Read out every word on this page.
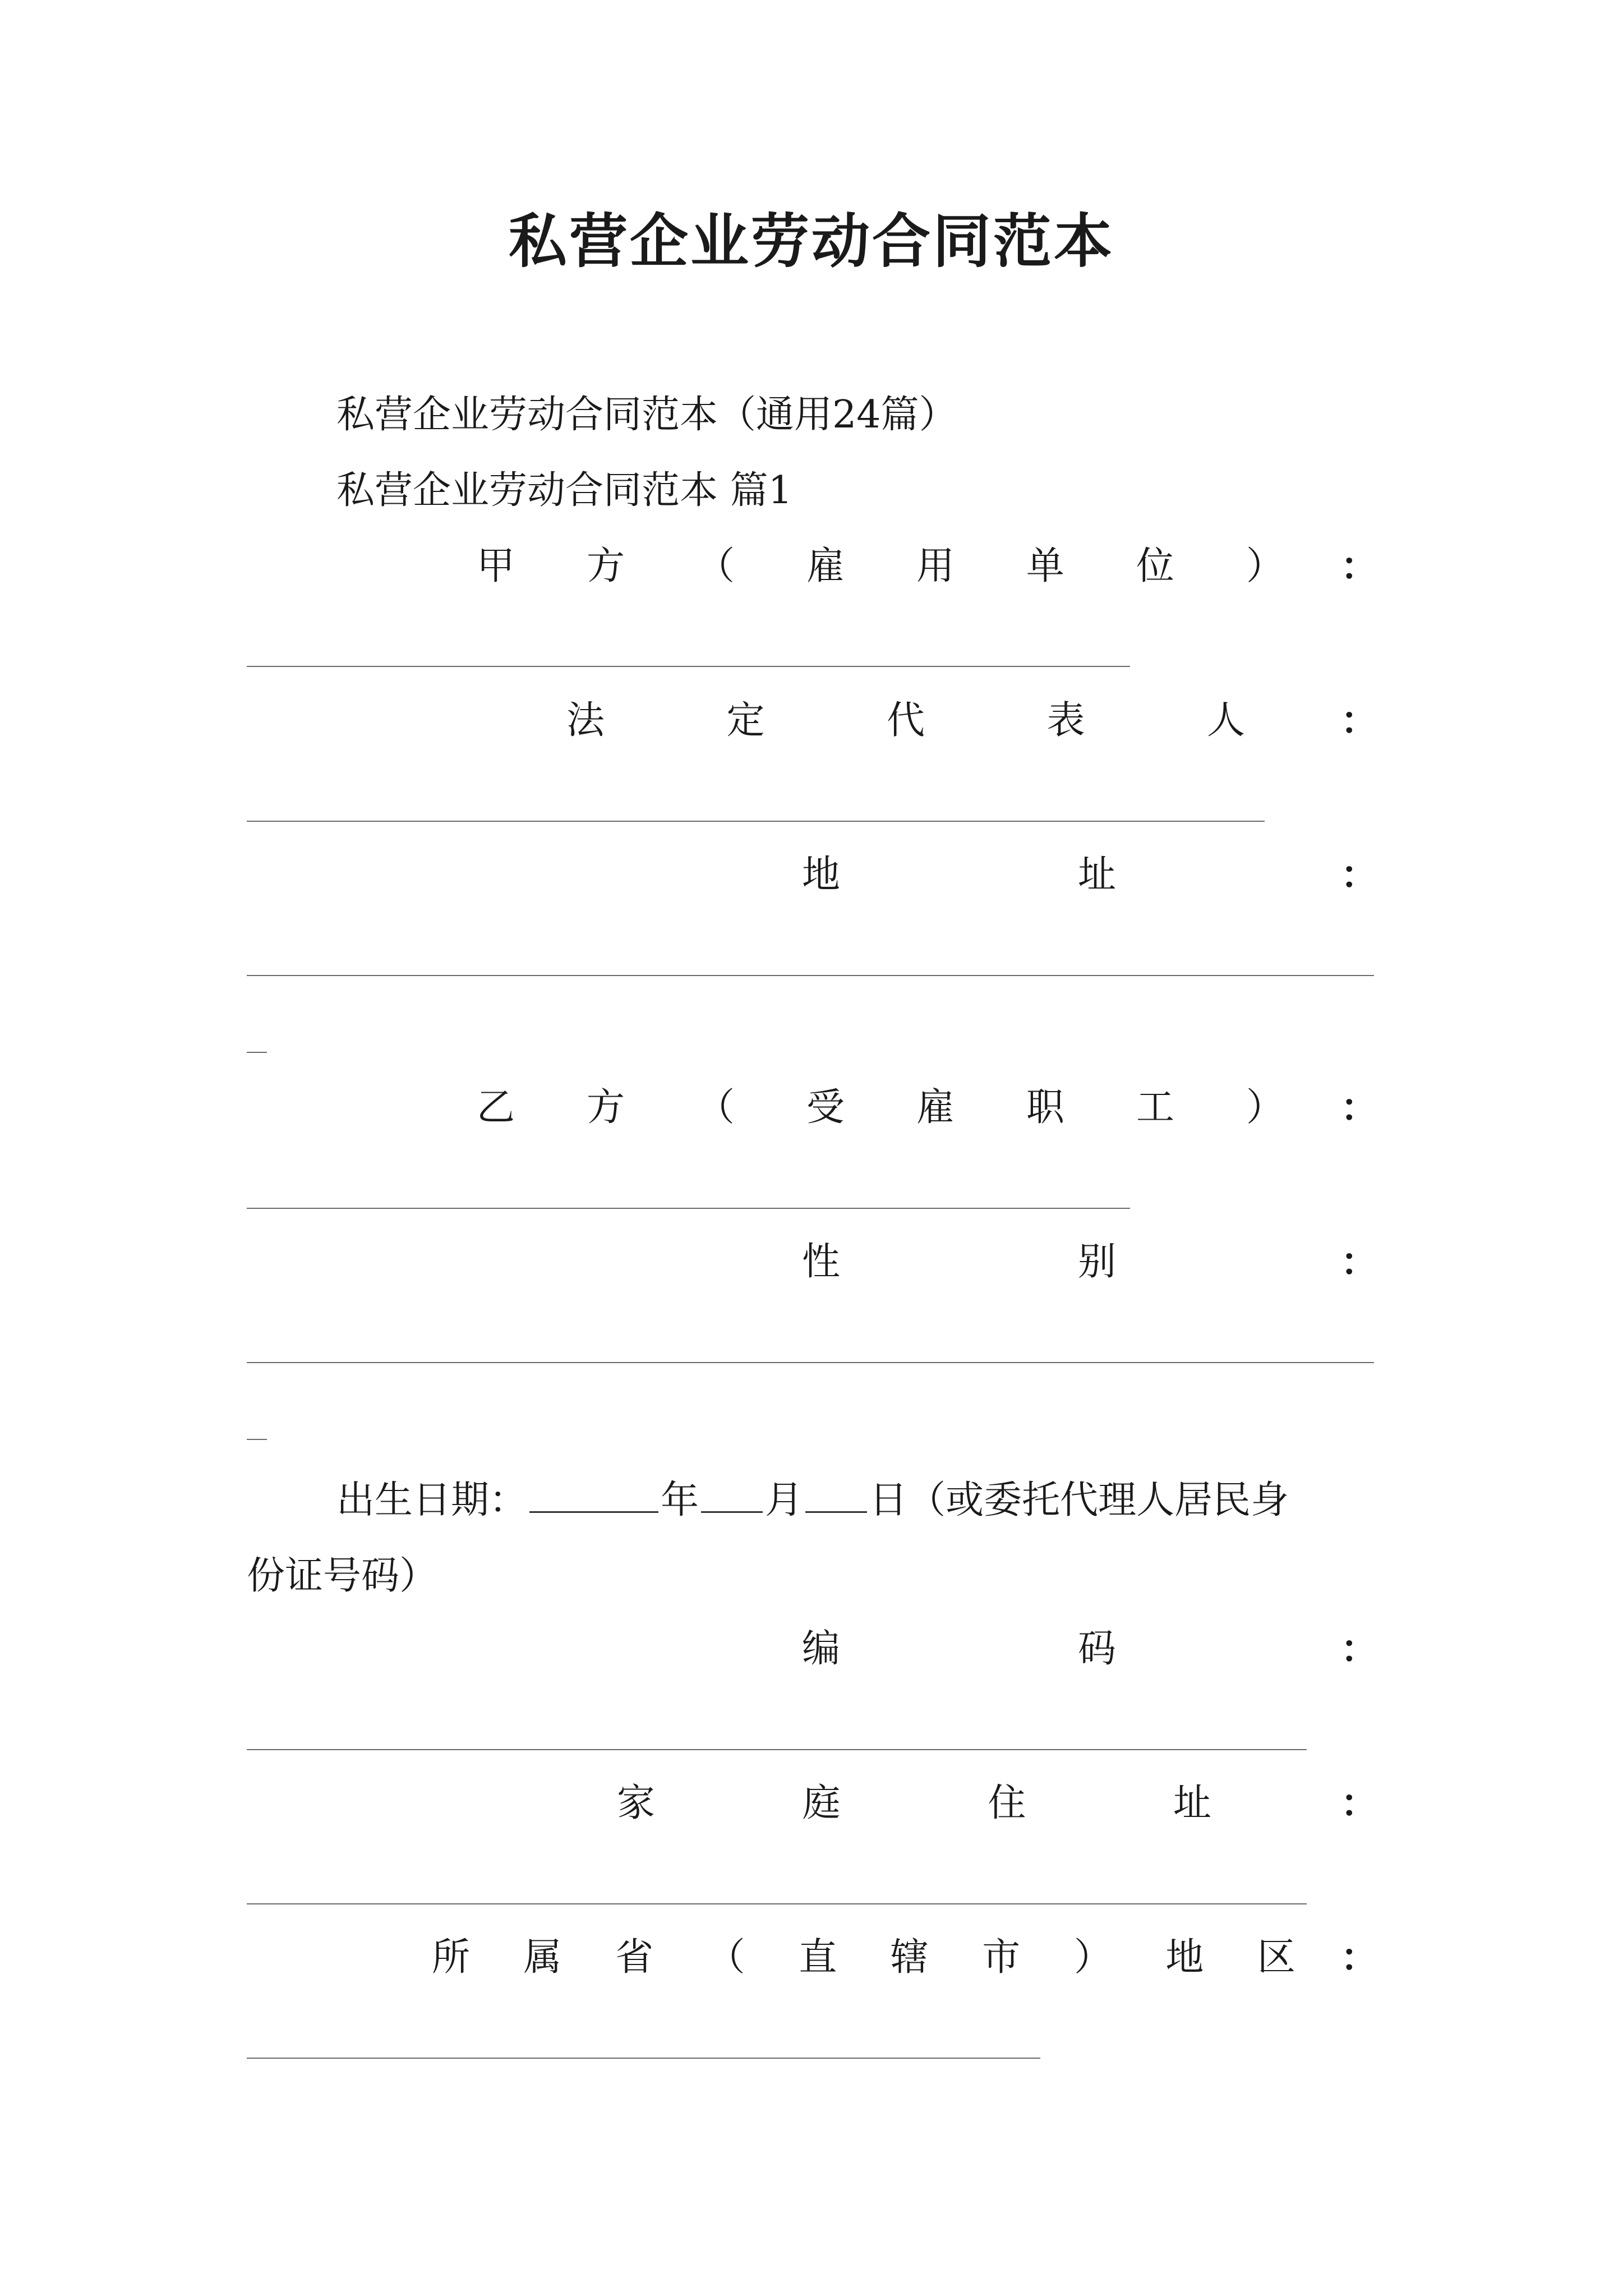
私营企业劳动合同范本
私营企业劳动合同范本（通用24篇）
私营企业劳动合同范本 篇1
甲 方 （ 雇 用 单 位 ） ：
法	定	代	表	人	：
地	址	：
乙 方 （ 受 雇 职 工 ） ：
性	别	：
出生日期：	年 月 日（或委托代理人居民身
份证号码）
编	码	：
家	庭	住	址	：
所 属 省 （ 直 辖 市 ） 地 区 ：
